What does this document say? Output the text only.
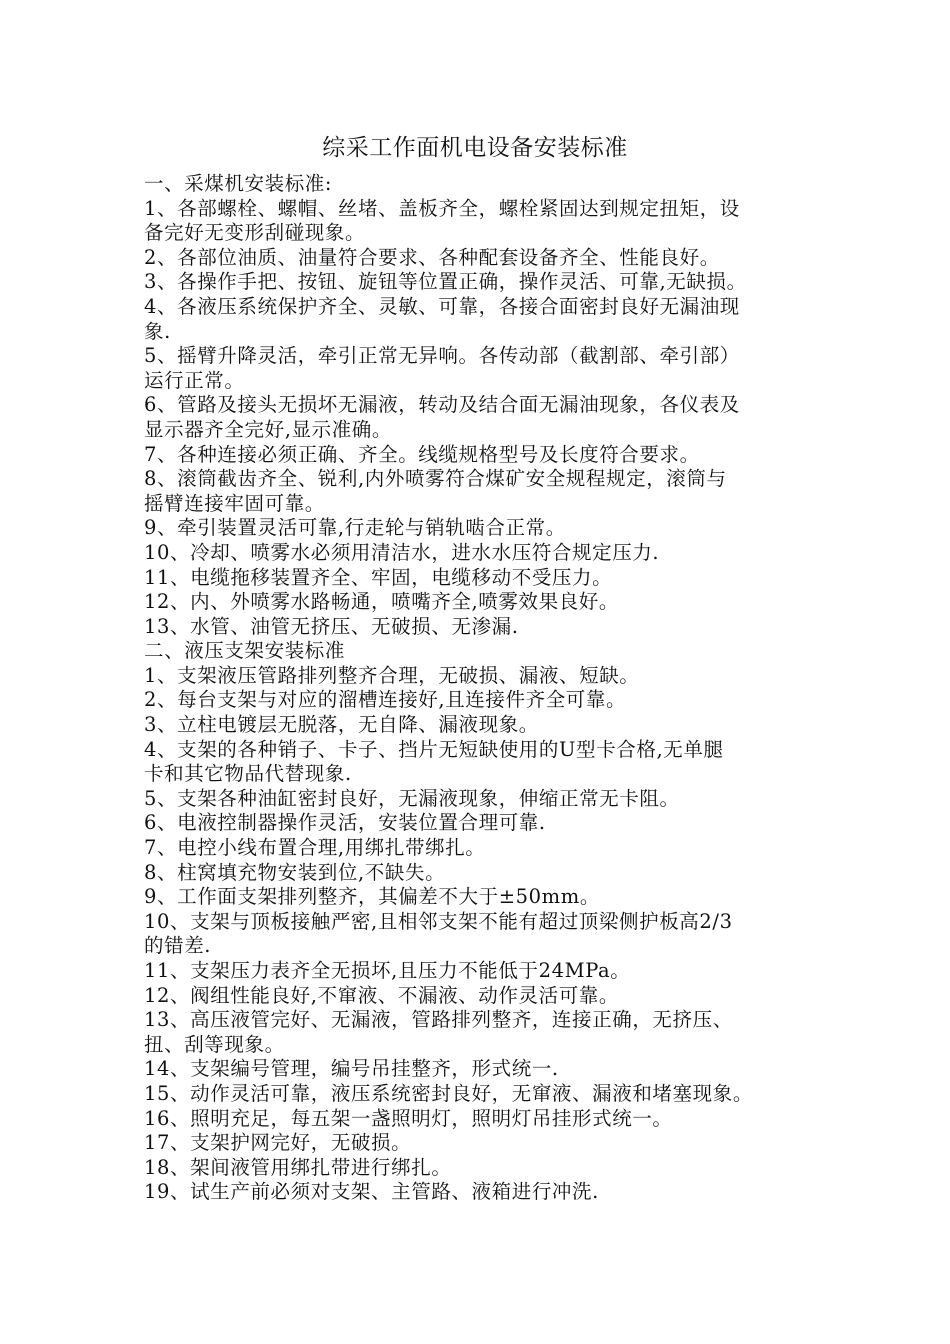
综采工作面机电设备安装标准
一、采煤机安装标准:
1、各部螺栓、螺帽、丝堵、盖板齐全，螺栓紧固达到规定扭矩，设
备完好无变形刮碰现象。
2、各部位油质、油量符合要求、各种配套设备齐全、性能良好。
3、各操作手把、按钮、旋钮等位置正确，操作灵活、可靠,无缺损。
4、各液压系统保护齐全、灵敏、可靠，各接合面密封良好无漏油现
象.
5、摇臂升降灵活，牵引正常无异响。各传动部（截割部、牵引部）
运行正常。
6、管路及接头无损坏无漏液，转动及结合面无漏油现象，各仪表及
显示器齐全完好,显示准确。
7、各种连接必须正确、齐全。线缆规格型号及长度符合要求。
8、滚筒截齿齐全、锐利,内外喷雾符合煤矿安全规程规定，滚筒与
摇臂连接牢固可靠。
9、牵引装置灵活可靠,行走轮与销轨啮合正常。
10、冷却、喷雾水必须用清洁水，进水水压符合规定压力.
11、电缆拖移装置齐全、牢固，电缆移动不受压力。
12、内、外喷雾水路畅通，喷嘴齐全,喷雾效果良好。
13、水管、油管无挤压、无破损、无渗漏.
二、液压支架安装标准
1、支架液压管路排列整齐合理，无破损、漏液、短缺。
2、每台支架与对应的溜槽连接好,且连接件齐全可靠。
3、立柱电镀层无脱落，无自降、漏液现象。
4、支架的各种销子、卡子、挡片无短缺使用的U型卡合格,无单腿
卡和其它物品代替现象.
5、支架各种油缸密封良好，无漏液现象，伸缩正常无卡阻。
6、电液控制器操作灵活，安装位置合理可靠.
7、电控小线布置合理,用绑扎带绑扎。
8、柱窝填充物安装到位,不缺失。
9、工作面支架排列整齐，其偏差不大于±50mm。
10、支架与顶板接触严密,且相邻支架不能有超过顶梁侧护板高2/3
的错差.
11、支架压力表齐全无损坏,且压力不能低于24MPa。
12、阀组性能良好,不窜液、不漏液、动作灵活可靠。
13、高压液管完好、无漏液，管路排列整齐，连接正确，无挤压、
扭、刮等现象。
14、支架编号管理，编号吊挂整齐，形式统一.
15、动作灵活可靠，液压系统密封良好，无窜液、漏液和堵塞现象。
16、照明充足，每五架一盏照明灯，照明灯吊挂形式统一。
17、支架护网完好，无破损。
18、架间液管用绑扎带进行绑扎。
19、试生产前必须对支架、主管路、液箱进行冲洗.
